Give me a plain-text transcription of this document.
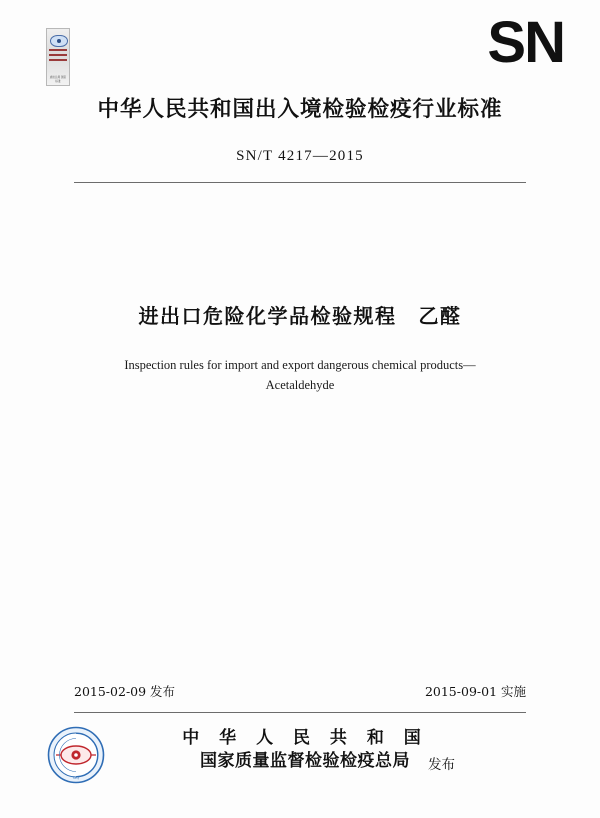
质检总局 国家标准
SN
中华人民共和国出入境检验检疫行业标准
SN/T 4217—2015
进出口危险化学品检验规程 乙醛
Inspection rules for import and export dangerous chemical products—
Acetaldehyde
2015-02-09 发布	2015-09-01 实施
CIQ
中 华 人 民 共 和 国
国家质量监督检验检疫总局	发布
